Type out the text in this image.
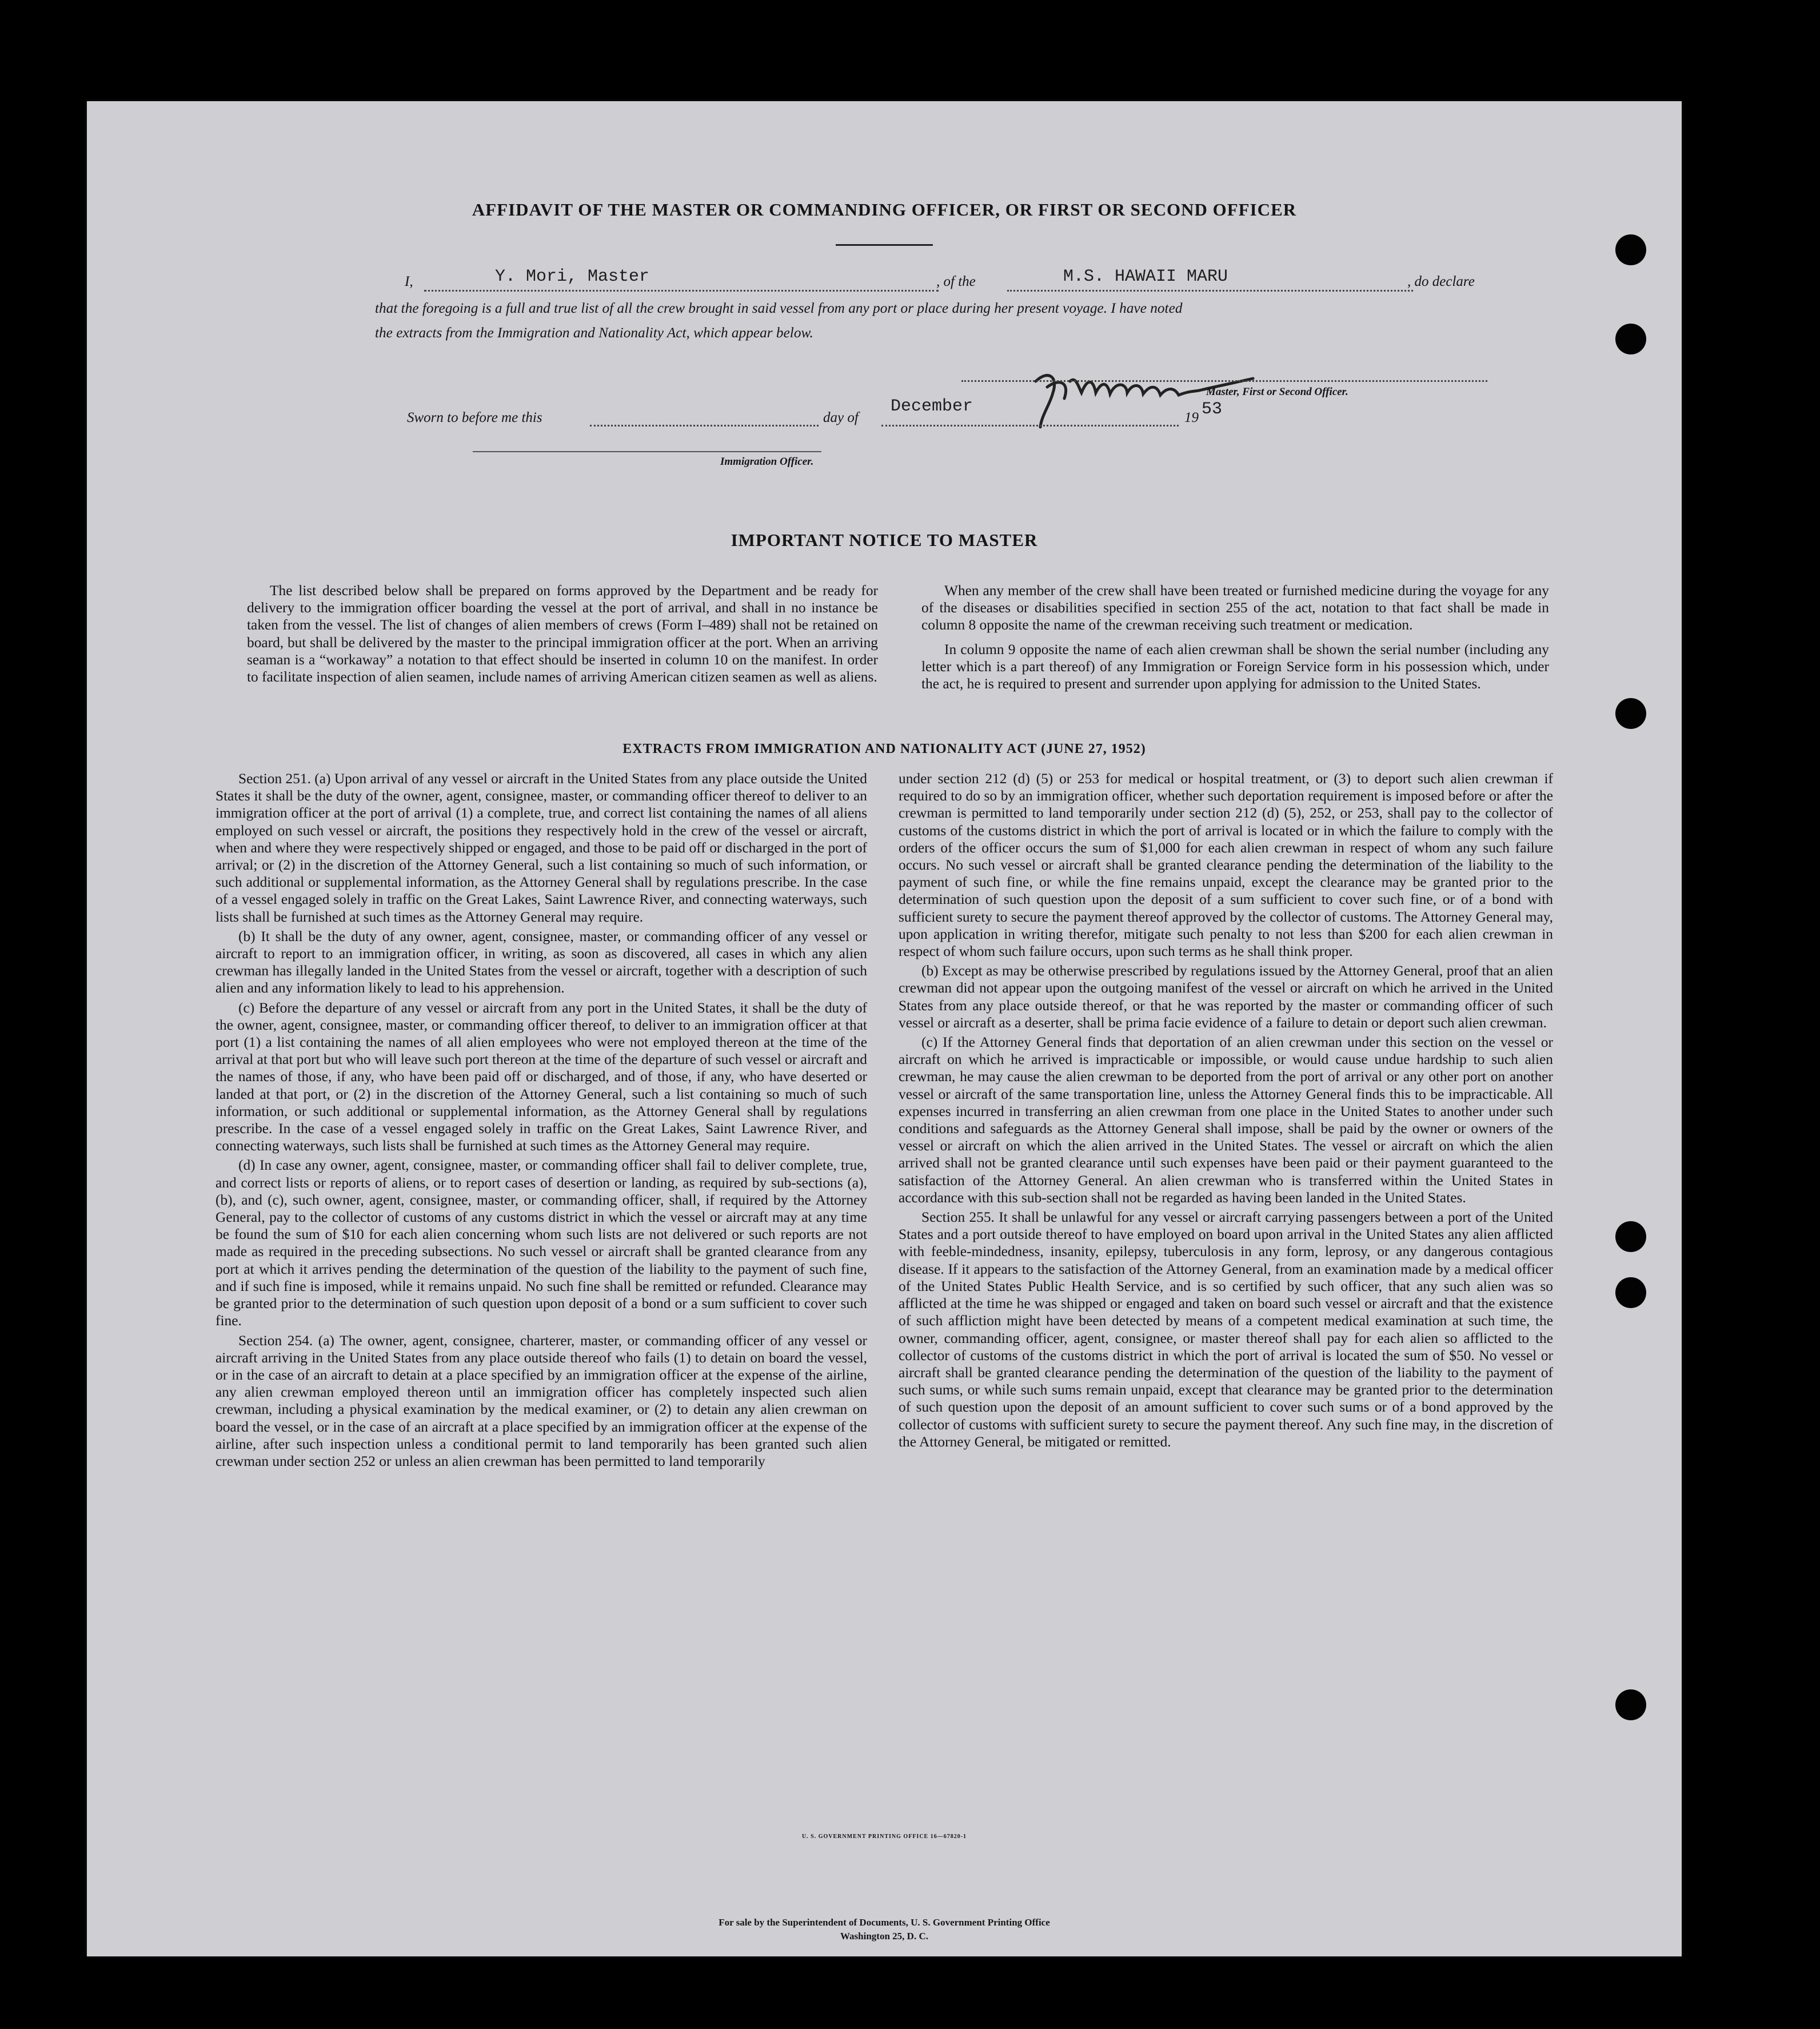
AFFIDAVIT OF THE MASTER OR COMMANDING OFFICER, OR FIRST OR SECOND OFFICER
I,	Y. Mori, Master	, of the	M.S. HAWAII MARU	, do declare
that the foregoing is a full and true list of all the crew brought in said vessel from any port or place during her present voyage. I have noted
the extracts from the Immigration and Nationality Act, which appear below.
Master, First or Second Officer.
Sworn to before me this	day of
December
19 53
Immigration Officer.
IMPORTANT NOTICE TO MASTER

The list described below shall be prepared on forms approved by the Department and be ready for delivery to the immigration officer boarding the vessel at the port of arrival, and shall in no instance be taken from the vessel. The list of changes of alien members of crews (Form I–489) shall not be retained on board, but shall be delivered by the master to the principal immigration officer at the port. When an arriving seaman is a “workaway” a notation to that effect should be inserted in column 10 on the manifest. In order to facilitate inspection of alien seamen, include names of arriving American citizen seamen as well as aliens.

When any member of the crew shall have been treated or furnished medicine during the voyage for any of the diseases or disabilities specified in section 255 of the act, notation to that fact shall be made in column 8 opposite the name of the crewman receiving such treatment or medication.

In column 9 opposite the name of each alien crewman shall be shown the serial number (including any letter which is a part thereof) of any Immigration or Foreign Service form in his possession which, under the act, he is required to present and surrender upon applying for admission to the United States.

EXTRACTS FROM IMMIGRATION AND NATIONALITY ACT (JUNE 27, 1952)

Section 251. (a) Upon arrival of any vessel or aircraft in the United States from any place outside the United States it shall be the duty of the owner, agent, consignee, master, or commanding officer thereof to deliver to an immigration officer at the port of arrival (1) a complete, true, and correct list containing the names of all aliens employed on such vessel or aircraft, the positions they respectively hold in the crew of the vessel or aircraft, when and where they were respectively shipped or engaged, and those to be paid off or discharged in the port of arrival; or (2) in the discretion of the Attorney General, such a list containing so much of such information, or such additional or supplemental information, as the Attorney General shall by regulations prescribe. In the case of a vessel engaged solely in traffic on the Great Lakes, Saint Lawrence River, and connecting waterways, such lists shall be furnished at such times as the Attorney General may require.

(b) It shall be the duty of any owner, agent, consignee, master, or commanding officer of any vessel or aircraft to report to an immigration officer, in writing, as soon as discovered, all cases in which any alien crewman has illegally landed in the United States from the vessel or aircraft, together with a description of such alien and any information likely to lead to his apprehension.

(c) Before the departure of any vessel or aircraft from any port in the United States, it shall be the duty of the owner, agent, consignee, master, or commanding officer thereof, to deliver to an immigration officer at that port (1) a list containing the names of all alien employees who were not employed thereon at the time of the arrival at that port but who will leave such port thereon at the time of the departure of such vessel or aircraft and the names of those, if any, who have been paid off or discharged, and of those, if any, who have deserted or landed at that port, or (2) in the discretion of the Attorney General, such a list containing so much of such information, or such additional or supplemental information, as the Attorney General shall by regulations prescribe. In the case of a vessel engaged solely in traffic on the Great Lakes, Saint Lawrence River, and connecting waterways, such lists shall be furnished at such times as the Attorney General may require.

(d) In case any owner, agent, consignee, master, or commanding officer shall fail to deliver complete, true, and correct lists or reports of aliens, or to report cases of desertion or landing, as required by sub-sections (a), (b), and (c), such owner, agent, consignee, master, or commanding officer, shall, if required by the Attorney General, pay to the collector of customs of any customs district in which the vessel or aircraft may at any time be found the sum of $10 for each alien concerning whom such lists are not delivered or such reports are not made as required in the preceding subsections. No such vessel or aircraft shall be granted clearance from any port at which it arrives pending the determination of the question of the liability to the payment of such fine, and if such fine is imposed, while it remains unpaid. No such fine shall be remitted or refunded. Clearance may be granted prior to the determination of such question upon deposit of a bond or a sum sufficient to cover such fine.

Section 254. (a) The owner, agent, consignee, charterer, master, or commanding officer of any vessel or aircraft arriving in the United States from any place outside thereof who fails (1) to detain on board the vessel, or in the case of an aircraft to detain at a place specified by an immigration officer at the expense of the airline, any alien crewman employed thereon until an immigration officer has completely inspected such alien crewman, including a physical examination by the medical examiner, or (2) to detain any alien crewman on board the vessel, or in the case of an aircraft at a place specified by an immigration officer at the expense of the airline, after such inspection unless a conditional permit to land temporarily has been granted such alien crewman under section 252 or unless an alien crewman has been permitted to land temporarily

under section 212 (d) (5) or 253 for medical or hospital treatment, or (3) to deport such alien crewman if required to do so by an immigration officer, whether such deportation requirement is imposed before or after the crewman is permitted to land temporarily under section 212 (d) (5), 252, or 253, shall pay to the collector of customs of the customs district in which the port of arrival is located or in which the failure to comply with the orders of the officer occurs the sum of $1,000 for each alien crewman in respect of whom any such failure occurs. No such vessel or aircraft shall be granted clearance pending the determination of the liability to the payment of such fine, or while the fine remains unpaid, except the clearance may be granted prior to the determination of such question upon the deposit of a sum sufficient to cover such fine, or of a bond with sufficient surety to secure the payment thereof approved by the collector of customs. The Attorney General may, upon application in writing therefor, mitigate such penalty to not less than $200 for each alien crewman in respect of whom such failure occurs, upon such terms as he shall think proper.

(b) Except as may be otherwise prescribed by regulations issued by the Attorney General, proof that an alien crewman did not appear upon the outgoing manifest of the vessel or aircraft on which he arrived in the United States from any place outside thereof, or that he was reported by the master or commanding officer of such vessel or aircraft as a deserter, shall be prima facie evidence of a failure to detain or deport such alien crewman.

(c) If the Attorney General finds that deportation of an alien crewman under this section on the vessel or aircraft on which he arrived is impracticable or impossible, or would cause undue hardship to such alien crewman, he may cause the alien crewman to be deported from the port of arrival or any other port on another vessel or aircraft of the same transportation line, unless the Attorney General finds this to be impracticable. All expenses incurred in transferring an alien crewman from one place in the United States to another under such conditions and safeguards as the Attorney General shall impose, shall be paid by the owner or owners of the vessel or aircraft on which the alien arrived in the United States. The vessel or aircraft on which the alien arrived shall not be granted clearance until such expenses have been paid or their payment guaranteed to the satisfaction of the Attorney General. An alien crewman who is transferred within the United States in accordance with this sub-section shall not be regarded as having been landed in the United States.

Section 255. It shall be unlawful for any vessel or aircraft carrying passengers between a port of the United States and a port outside thereof to have employed on board upon arrival in the United States any alien afflicted with feeble-mindedness, insanity, epilepsy, tuberculosis in any form, leprosy, or any dangerous contagious disease. If it appears to the satisfaction of the Attorney General, from an examination made by a medical officer of the United States Public Health Service, and is so certified by such officer, that any such alien was so afflicted at the time he was shipped or engaged and taken on board such vessel or aircraft and that the existence of such affliction might have been detected by means of a competent medical examination at such time, the owner, commanding officer, agent, consignee, or master thereof shall pay for each alien so afflicted to the collector of customs of the customs district in which the port of arrival is located the sum of $50. No vessel or aircraft shall be granted clearance pending the determination of the question of the liability to the payment of such sums, or while such sums remain unpaid, except that clearance may be granted prior to the determination of such question upon the deposit of an amount sufficient to cover such sums or of a bond approved by the collector of customs with sufficient surety to secure the payment thereof. Any such fine may, in the discretion of the Attorney General, be mitigated or remitted.

U. S. GOVERNMENT PRINTING OFFICE 16—67820-1
For sale by the Superintendent of Documents, U. S. Government Printing Office
Washington 25, D. C.
